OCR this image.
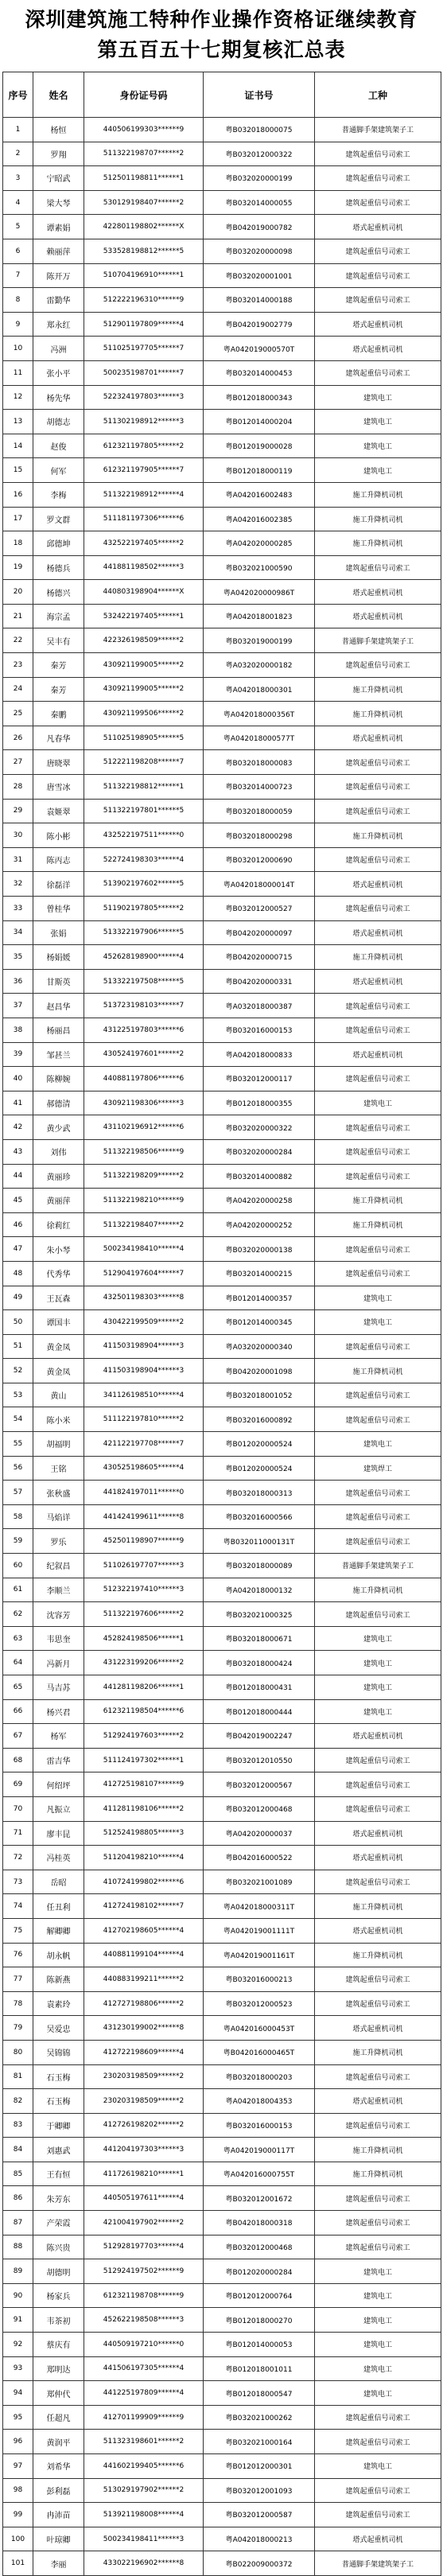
深圳建筑施工特种作业操作资格证继续教育
第五百五十七期复核汇总表
序号	姓名	身份证号码	证书号	工种
1	杨恒	440506199303******9	粤B032018000075	普通脚手架建筑架子工
2	罗翔	511322198707******2	粤B032012000322	建筑起重信号司索工
3	宁昭武	512501198811******1	粤B032020000199	建筑起重信号司索工
4	梁大琴	530129198407******2	粤B032014000055	建筑起重信号司索工
5	谭素娟	422801198802******X	粤B042019000782	塔式起重机司机
6	赖丽萍	533528198812******5	粤B032020000098	建筑起重信号司索工
7	陈开万	510704196910******1	粤B032020001001	建筑起重信号司索工
8	雷勤华	512222196310******9	粤B032014000188	建筑起重信号司索工
9	郑永红	512901197809******4	粤B042019002779	塔式起重机司机
10	冯洲	511025197705******7	粤A042019000570T	塔式起重机司机
11	张小平	500235198701******7	粤B032014000453	建筑起重信号司索工
12	杨先华	522324197803******3	粤B012018000343	建筑电工
13	胡德志	511302198912******3	粤B012014000204	建筑电工
14	赵俊	612321197805******2	粤B012019000028	建筑电工
15	何军	612321197905******7	粤B012018000119	建筑电工
16	李梅	511322198912******4	粤A042016002483	施工升降机司机
17	罗文群	511181197306******6	粤A042016002385	施工升降机司机
18	邱德坤	432522197405******2	粤A042020000285	施工升降机司机
19	杨德兵	441881198502******3	粤B032021000590	建筑起重信号司索工
20	杨德兴	440803198904******X	粤A042020000986T	塔式起重机司机
21	海宗孟	532422197405******1	粤A042018001823	塔式起重机司机
22	吴丰有	422326198509******2	粤B032019000199	普通脚手架建筑架子工
23	秦芳	430921199005******2	粤A032020000182	建筑起重信号司索工
24	秦芳	430921199005******2	粤A042018000301	施工升降机司机
25	秦鹏	430921199506******2	粤A042018000356T	施工升降机司机
26	凡春华	511025198905******5	粤A042018000577T	塔式起重机司机
27	唐晓翠	512221198208******7	粤B032018000083	建筑起重信号司索工
28	唐雪冰	511322198812******1	粤B032014000723	建筑起重信号司索工
29	袁姬翠	511322197801******5	粤B032018000059	建筑起重信号司索工
30	陈小彬	432522197511******0	粤B032018000298	施工升降机司机
31	陈丙志	522724198303******4	粤B032012000690	建筑起重信号司索工
32	徐磊洋	513902197602******5	粤A042018000014T	塔式起重机司机
33	曾桂华	511902197805******2	粤B032012000527	建筑起重信号司索工
34	张娟	513322197906******5	粤B042020000097	塔式起重机司机
35	杨娟媛	452628198900******4	粤B042020000715	施工升降机司机
36	甘斯英	513322197508******5	粤B042020000331	塔式起重机司机
37	赵昌华	513723198103******7	粤A032018000387	建筑起重信号司索工
38	杨丽昌	431225197803******6	粤B032016000153	建筑起重信号司索工
39	邹甚兰	430524197601******2	粤A042018000833	塔式起重机司机
40	陈柳婉	440881197806******6	粤B032012000117	建筑起重信号司索工
41	郝德清	430921198306******3	粤B012018000355	建筑电工
42	黄少武	431102196912******6	粤B032020000322	建筑起重信号司索工
43	刘伟	511322198506******9	粤B032020000284	建筑起重信号司索工
44	黄丽珍	511322198209******2	粤B032014000882	建筑起重信号司索工
45	黄丽萍	511322198210******9	粤A042020000258	施工升降机司机
46	徐莉红	511322198407******2	粤A042020000252	施工升降机司机
47	朱小琴	500234198410******4	粤B032020000138	建筑起重信号司索工
48	代秀华	512904197604******7	粤B032014000215	建筑起重信号司索工
49	王瓦森	432501198303******8	粤B012014000357	建筑电工
50	谭国丰	430422199509******2	粤B012014000345	建筑电工
51	黄金凤	411503198904******3	粤A032020000340	建筑起重信号司索工
52	黄金凤	411503198904******3	粤B042020001098	施工升降机司机
53	黄山	341126198510******4	粤B032018001052	建筑起重信号司索工
54	陈小米	511122197810******2	粤B032016000892	建筑起重信号司索工
55	胡福明	421122197708******7	粤B012020000524	建筑电工
56	王铭	430525198605******4	粤B012020000524	建筑焊工
57	张秋盛	441824197011******0	粤B032018000313	建筑起重信号司索工
58	马焰详	441424199611******8	粤B032016000566	建筑起重信号司索工
59	罗乐	452501198907******9	粤B032011000131T	建筑起重信号司索工
60	纪叙昌	511026197707******3	粤B032018000089	普通脚手架建筑架子工
61	李顺兰	512322197410******3	粤A042018000132	施工升降机司机
62	沈容芳	511322197606******2	粤B032021000325	建筑起重信号司索工
63	韦思奎	452824198506******1	粤B032018000671	建筑电工
64	冯新月	431223199206******2	粤B032018000424	建筑电工
65	马吉苏	441281198206******1	粤B012018000431	建筑电工
66	杨兴君	612321198504******6	粤B012018000444	建筑电工
67	杨军	512924197603******2	粤B042019002247	塔式起重机司机
68	雷吉华	511124197302******1	粤B032012010550	建筑起重信号司索工
69	何绍坪	412725198107******9	粤B032012000567	建筑起重信号司索工
70	凡振立	411281198106******2	粤B032012000468	建筑起重信号司索工
71	廖丰昆	512524198805******3	粤A042020000037	塔式起重机司机
72	冯桂英	511204198210******4	粤B042016000522	塔式起重机司机
73	岳昭	410724199802******6	粤B032021001089	建筑起重信号司索工
74	任丑利	412724198102******7	粤A042018000311T	施工升降机司机
75	解卿卿	412702198605******4	粤A042019001111T	塔式起重机司机
76	胡永帆	440881199104******4	粤A042019001161T	施工升降机司机
77	陈新燕	440883199211******2	粤B032016000213	建筑起重信号司索工
78	袁素玲	412727198806******2	粤B032012000523	建筑起重信号司索工
79	吴爱忠	431230199002******8	粤A042016000453T	塔式起重机司机
80	吴锦锦	412722198609******4	粤B042016000465T	施工升降机司机
81	石玉梅	230203198509******2	粤B032018000203	建筑起重信号司索工
82	石玉梅	230203198509******2	粤A042018004353	塔式起重机司机
83	于卿卿	412726198202******2	粤B032016000153	建筑起重信号司索工
84	刘惠武	441204197303******3	粤A042019000117T	施工升降机司机
85	王有恒	411726198210******1	粤A042016000755T	施工升降机司机
86	朱芳东	440505197611******4	粤B032012001672	建筑起重信号司索工
87	产荣霞	421004197902******2	粤B042018000318	建筑起重信号司索工
88	陈兴贵	512928197703******4	粤B032012000468	建筑起重信号司索工
89	胡德明	512924197502******9	粤B012020000284	建筑电工
90	杨家兵	612321198708******9	粤B012012000764	建筑电工
91	韦茶初	452622198508******3	粤B012018000270	建筑电工
92	蔡庆有	440509197210******0	粤B012014000053	建筑电工
93	郑明达	441506197305******4	粤B012018001011	建筑电工
94	郑仲代	441225197809******4	粤B012018000547	建筑电工
95	任超凡	412701199909******9	粤B032021000262	建筑起重信号司索工
96	黄润平	511323198601******2	粤B032021000164	建筑起重信号司索工
97	刘希华	441602199405******6	粤B012012000301	建筑电工
98	彭利磊	513029197902******2	粤B032012001093	建筑起重信号司索工
99	冉沛苗	513921198008******4	粤B032012000587	建筑起重信号司索工
100	叶琼卿	500234198411******3	粤A042018000213	塔式起重机司机
101	李丽	433022196902******8	粤B022009000372	普通脚手架建筑架子工
